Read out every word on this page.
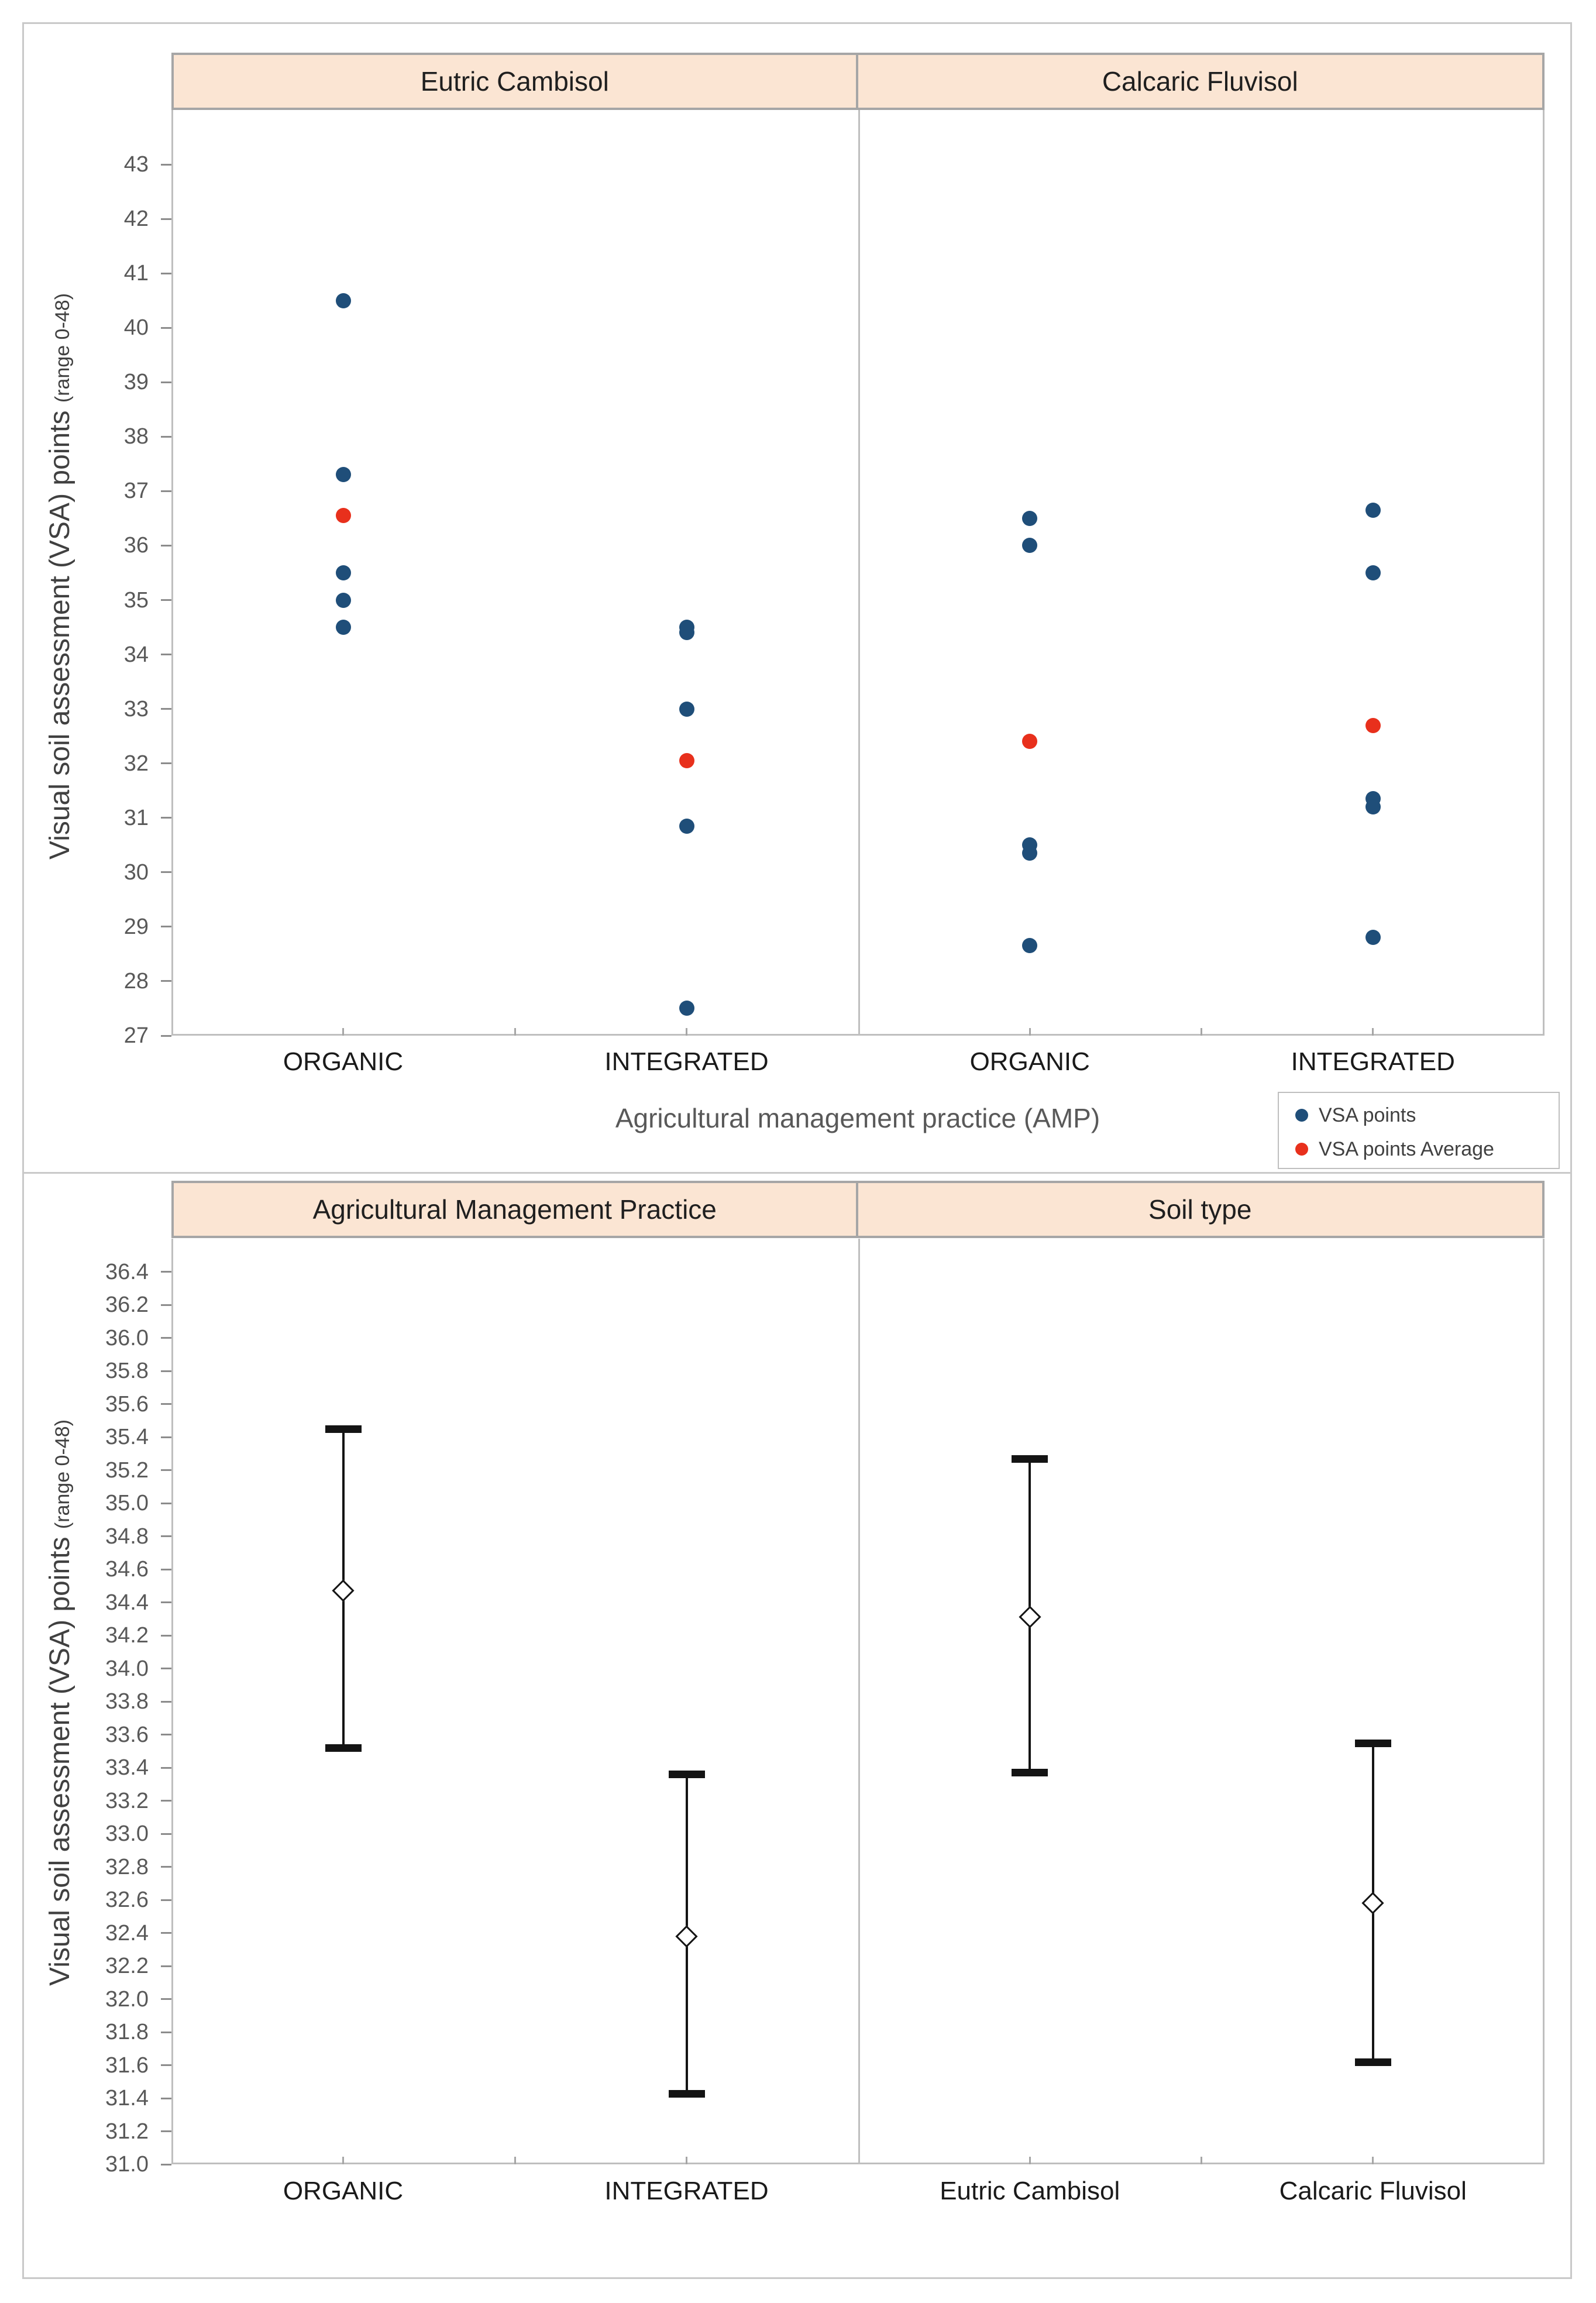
Eutric Cambisol	Calcaric Fluvisol
Visual soil assessment (VSA) points (range 0-48)
Agricultural management practice (AMP)	VSA points
VSA points Average
27
28
29
30
31
32
33
34
35
36
37
38
39
40
41
42
43
ORGANIC	INTEGRATED	ORGANIC	INTEGRATED
Agricultural Management Practice	Soil type
Visual soil assessment (VSA) points (range 0-48)
31.0
31.2
31.4
31.6
31.8
32.0
32.2
32.4
32.6
32.8
33.0
33.2
33.4
33.6
33.8
34.0
34.2
34.4
34.6
34.8
35.0
35.2
35.4
35.6
35.8
36.0
36.2
36.4
ORGANIC	INTEGRATED	Eutric Cambisol	Calcaric Fluvisol
